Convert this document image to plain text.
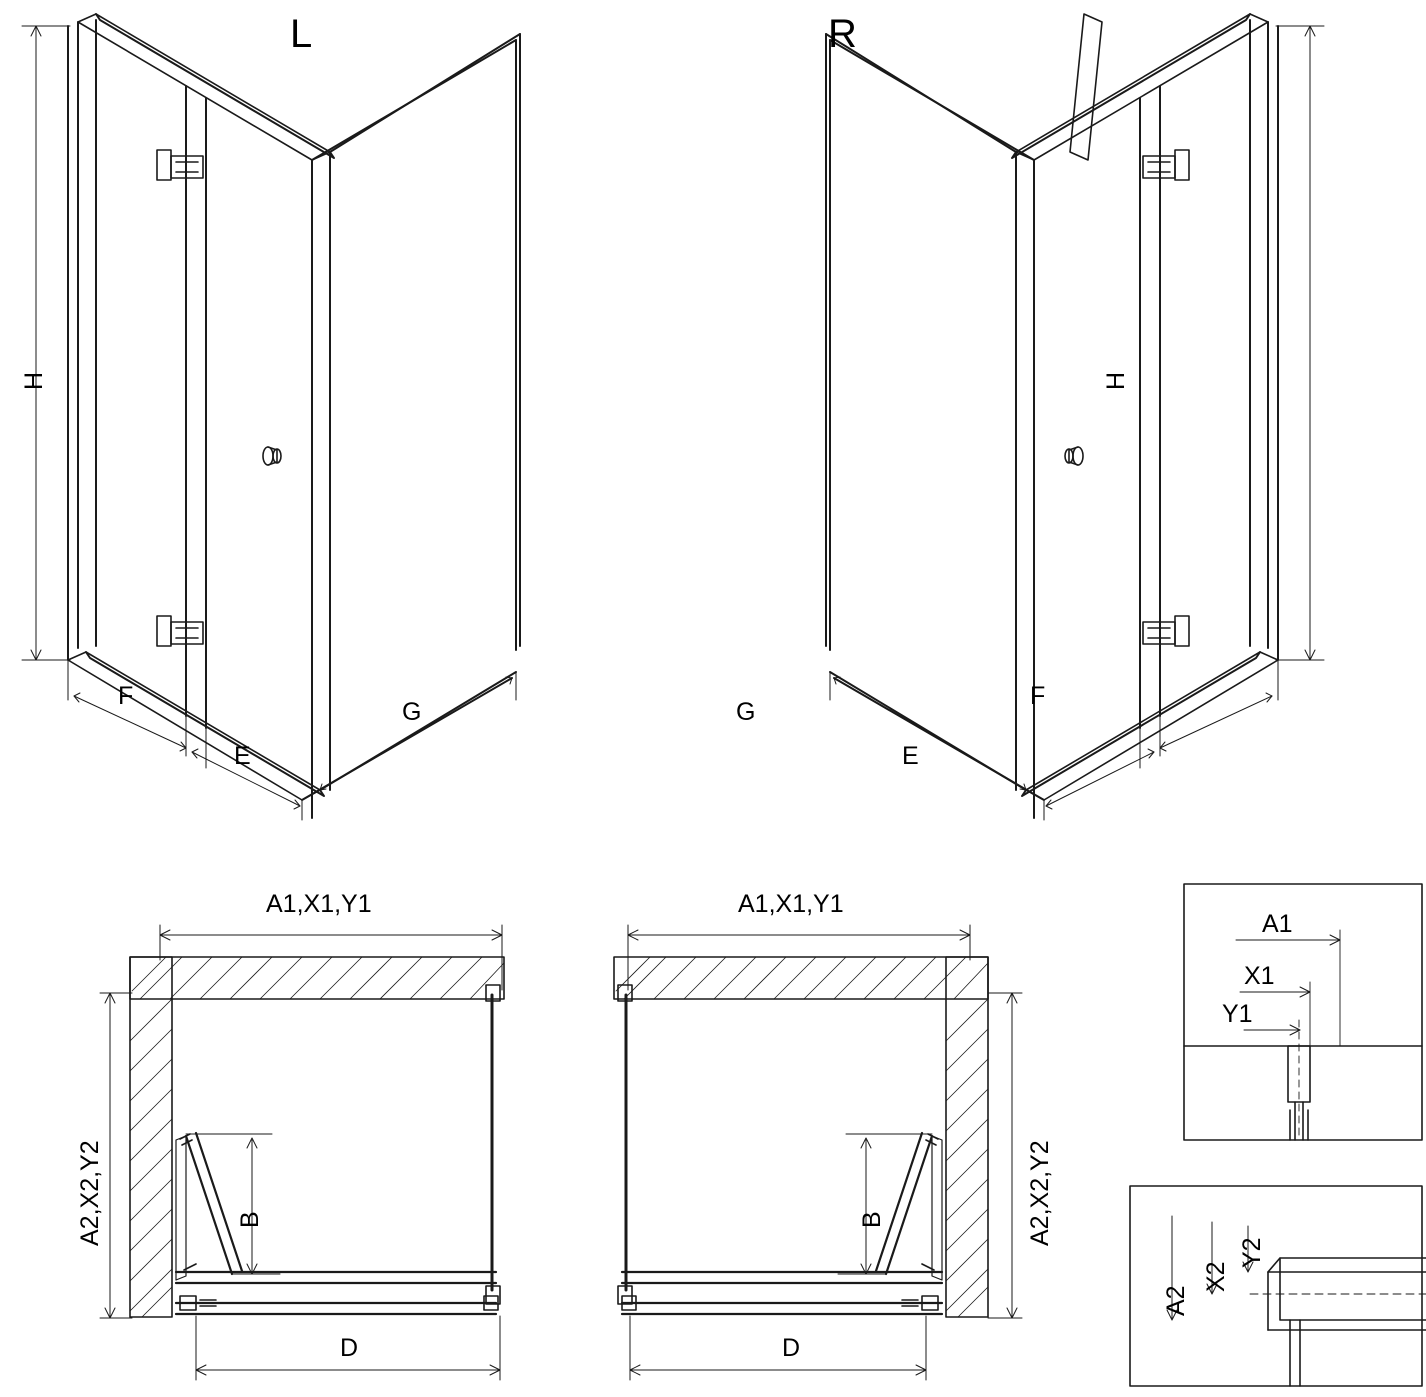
L
H
F
E
G
R
H
G
E
F
A1,X1,Y1
A2,X2,Y2	B
D
A1,X1,Y1
A2,X2,Y2
B
D
A1
X1
Y1
A2
X2
Y2
